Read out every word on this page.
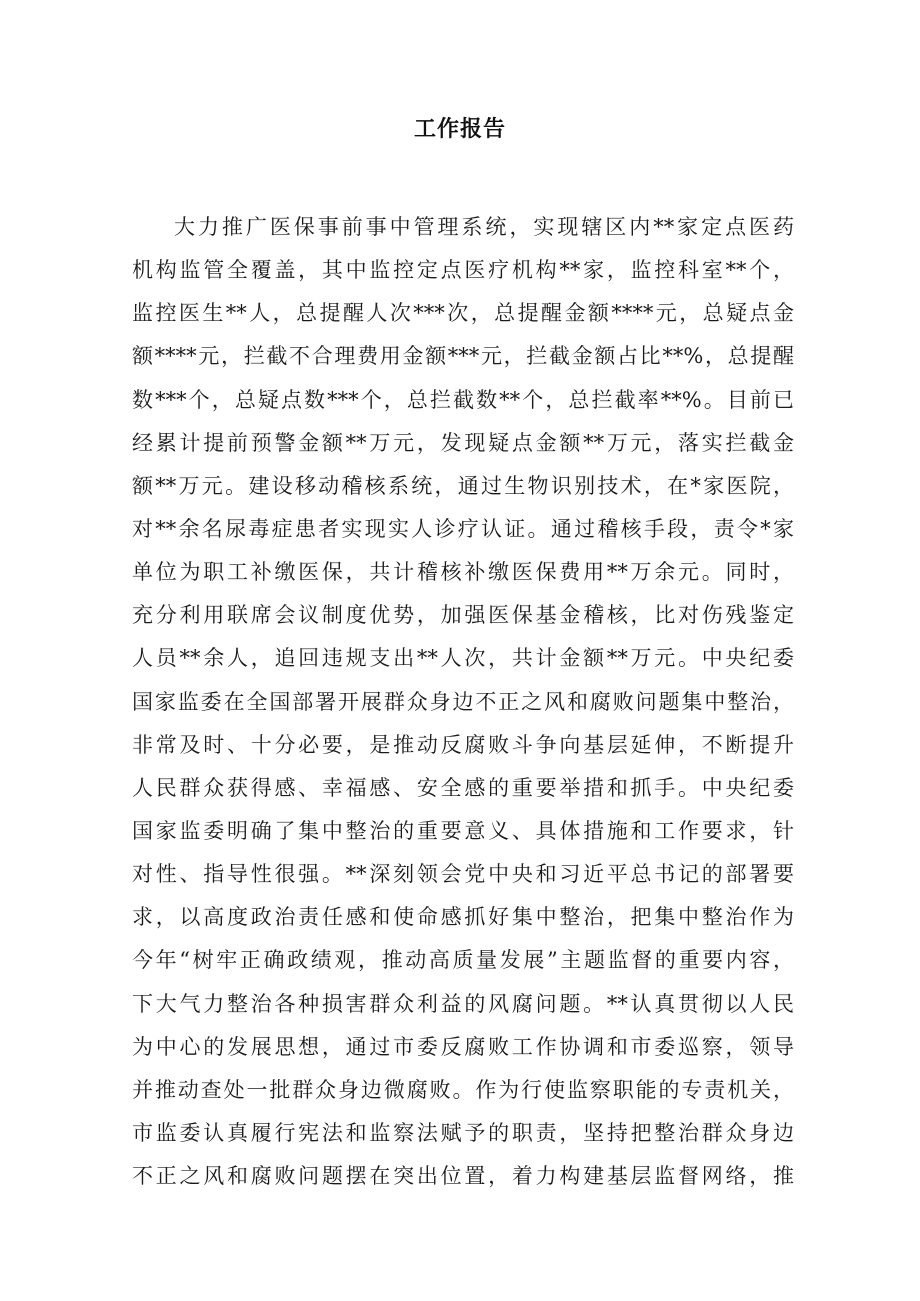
工作报告
大力推广医保事前事中管理系统，实现辖区内**家定点医药
机构监管全覆盖，其中监控定点医疗机构**家，监控科室**个，
监控医生**人，总提醒人次***次，总提醒金额****元，总疑点金
额****元，拦截不合理费用金额***元，拦截金额占比**%，总提醒
数***个，总疑点数***个，总拦截数**个，总拦截率**%。目前已
经累计提前预警金额**万元，发现疑点金额**万元，落实拦截金
额**万元。建设移动稽核系统，通过生物识别技术，在*家医院，
对**余名尿毒症患者实现实人诊疗认证。通过稽核手段，责令*家
单位为职工补缴医保，共计稽核补缴医保费用**万余元。同时，
充分利用联席会议制度优势，加强医保基金稽核，比对伤残鉴定
人员**余人，追回违规支出**人次，共计金额**万元。中央纪委
国家监委在全国部署开展群众身边不正之风和腐败问题集中整治，
非常及时、十分必要，是推动反腐败斗争向基层延伸，不断提升
人民群众获得感、幸福感、安全感的重要举措和抓手。中央纪委
国家监委明确了集中整治的重要意义、具体措施和工作要求，针
对性、指导性很强。**深刻领会党中央和习近平总书记的部署要
求，以高度政治责任感和使命感抓好集中整治，把集中整治作为
今年“树牢正确政绩观，推动高质量发展”主题监督的重要内容，
下大气力整治各种损害群众利益的风腐问题。**认真贯彻以人民
为中心的发展思想，通过市委反腐败工作协调和市委巡察，领导
并推动查处一批群众身边微腐败。作为行使监察职能的专责机关，
市监委认真履行宪法和监察法赋予的职责，坚持把整治群众身边
不正之风和腐败问题摆在突出位置，着力构建基层监督网络，推
